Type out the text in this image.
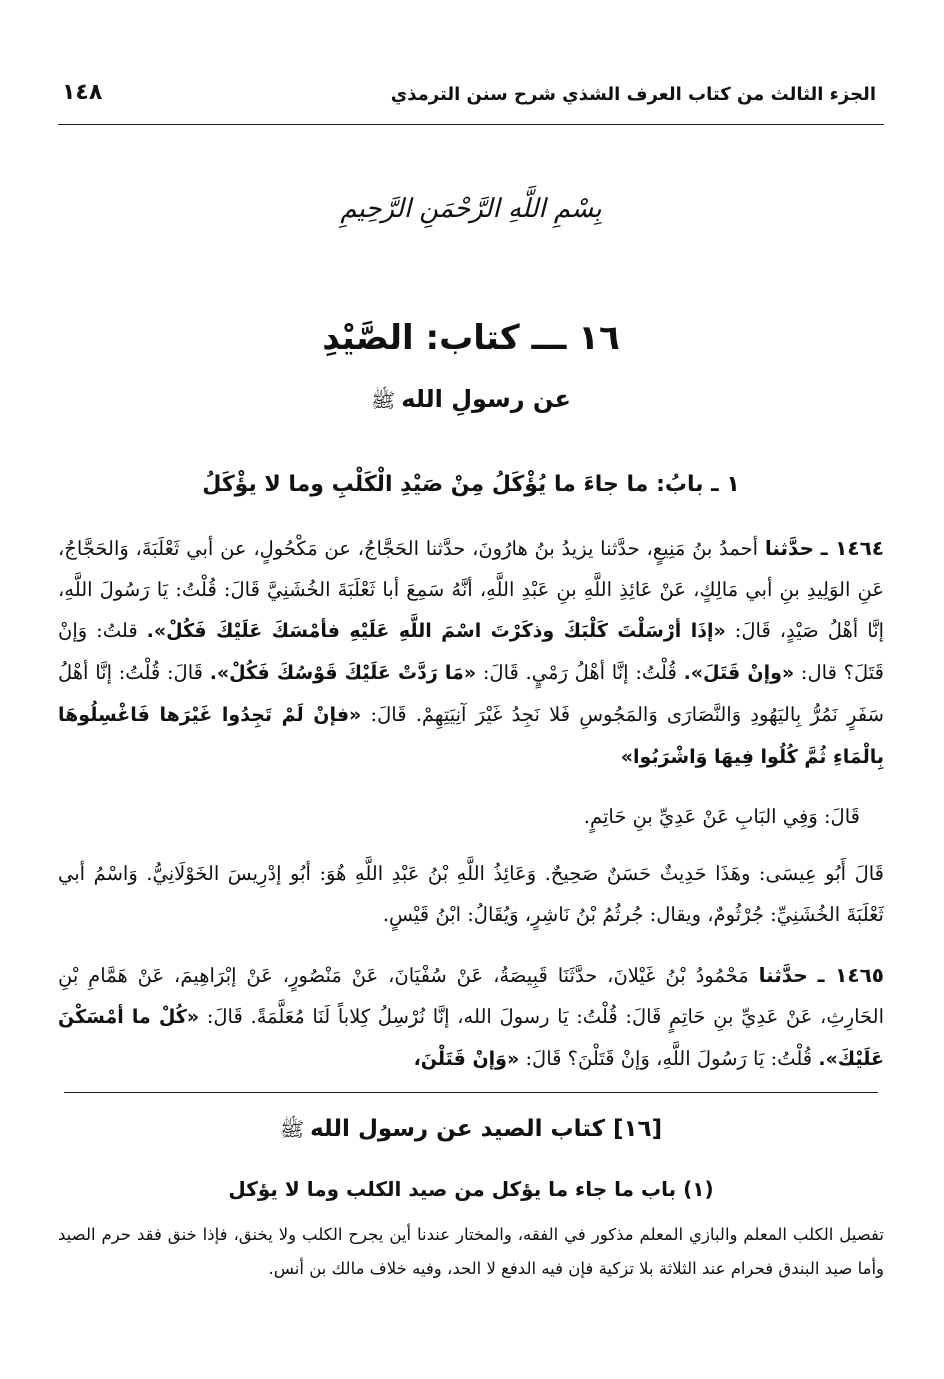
الجزء الثالث من كتاب العرف الشذي شرح سنن الترمذي
١٤٨
بِسْمِ اللَّهِ الرَّحْمَنِ الرَّحِيمِ
١٦ ـــ كتاب: الصَّيْدِ
عن رسولِ اللهﷺ
١ ـ بابُ: ما جاءَ ما يُؤْكَلُ مِنْ صَيْدِ الْكَلْبِ وما لا يؤْكَلُ

١٤٦٤ ـ حدَّثنا أحمدُ بنُ مَنِيعٍ، حدَّثنا يزيدُ بنُ هارُونَ، حدَّثنا الحَجَّاجُ، عن مَكْحُولٍ، عن أبي ثَعْلَبَةَ، وَالحَجَّاجُ، عَنِ الوَلِيدِ بنِ أبي مَالِكٍ، عَنْ عَائِذِ اللَّهِ بنِ عَبْدِ اللَّهِ، أنَّهُ سَمِعَ أبا ثَعْلَبَةَ الخُشَنِيَّ قَالَ: قُلْتُ: يَا رَسُولَ اللَّهِ، إنَّا أهْلُ صَيْدٍ، قَالَ: «إذَا أرْسَلْتَ كَلْبَكَ وذكَرْتَ اسْمَ اللَّهِ عَلَيْهِ فأمْسَكَ عَلَيْكَ فَكُلْ». قلتُ: وَإنْ قَتَلَ؟ قال: «وإنْ قَتَلَ». قُلْتُ: إنَّا أهْلُ رَمْيٍ. قَالَ: «مَا رَدَّتْ عَلَيْكَ قَوْسُكَ فَكُلْ». قَالَ: قُلْتُ: إنَّا أهْلُ سَفَرٍ نَمُرُّ بِاليَهُودِ وَالنَّصَارَى وَالمَجُوسِ فَلا نَجِدُ غَيْرَ آنِيَتِهِمْ. قَالَ: «فإنْ لَمْ تَجِدُوا غَيْرَها فَاغْسِلُوهَا بِالْمَاءِ ثُمَّ كُلُوا فِيهَا وَاشْرَبُوا»

قَالَ: وَفِي البَابِ عَنْ عَدِيِّ بنِ حَاتِمٍ.

قَالَ أَبُو عِيسَى: وهَذَا حَدِيثٌ حَسَنٌ صَحِيحٌ. وَعَائِذُ اللَّهِ بْنُ عَبْدِ اللَّهِ هُوَ: أبُو إدْرِيسَ الخَوْلَانِيُّ. وَاسْمُ أبي ثَعْلَبَةَ الخُشَنِيِّ: جُرْثُومٌ، ويقال: جُرثُمُ بْنُ نَاشِرٍ، وَيُقَالُ: ابْنُ قَيْسٍ.

١٤٦٥ ـ حدَّثنا مَحْمُودُ بْنُ غَيْلانَ، حدَّثَنَا قَبِيصَةُ، عَنْ سُفْيَانَ، عَنْ مَنْصُورٍ، عَنْ إبْرَاهِيمَ، عَنْ هَمَّامِ بْنِ الحَارِثِ، عَنْ عَدِيِّ بنِ حَاتِمٍ قَالَ: قُلْتُ: يَا رسولَ الله، إنَّا نُرْسِلُ كِلاباً لَنَا مُعَلَّمَةً. قَالَ: «كُلْ ما أمْسَكْنَ عَلَيْكَ». قُلْتُ: يَا رَسُولَ اللَّهِ، وَإنْ قَتَلْنَ؟ قَالَ: «وَإنْ قَتَلْنَ،

[١٦] كتاب الصيد عن رسول اللهﷺ
(١) باب ما جاء ما يؤكل من صيد الكلب وما لا يؤكل

تفصيل الكلب المعلم والبازي المعلم مذكور في الفقه، والمختار عندنا أين يجرح الكلب ولا يخنق، فإذا خنق فقد حرم الصيد وأما صيد البندق فحرام عند الثلاثة بلا تزكية فإن فيه الدفع لا الحد، وفيه خلاف مالك بن أنس.
